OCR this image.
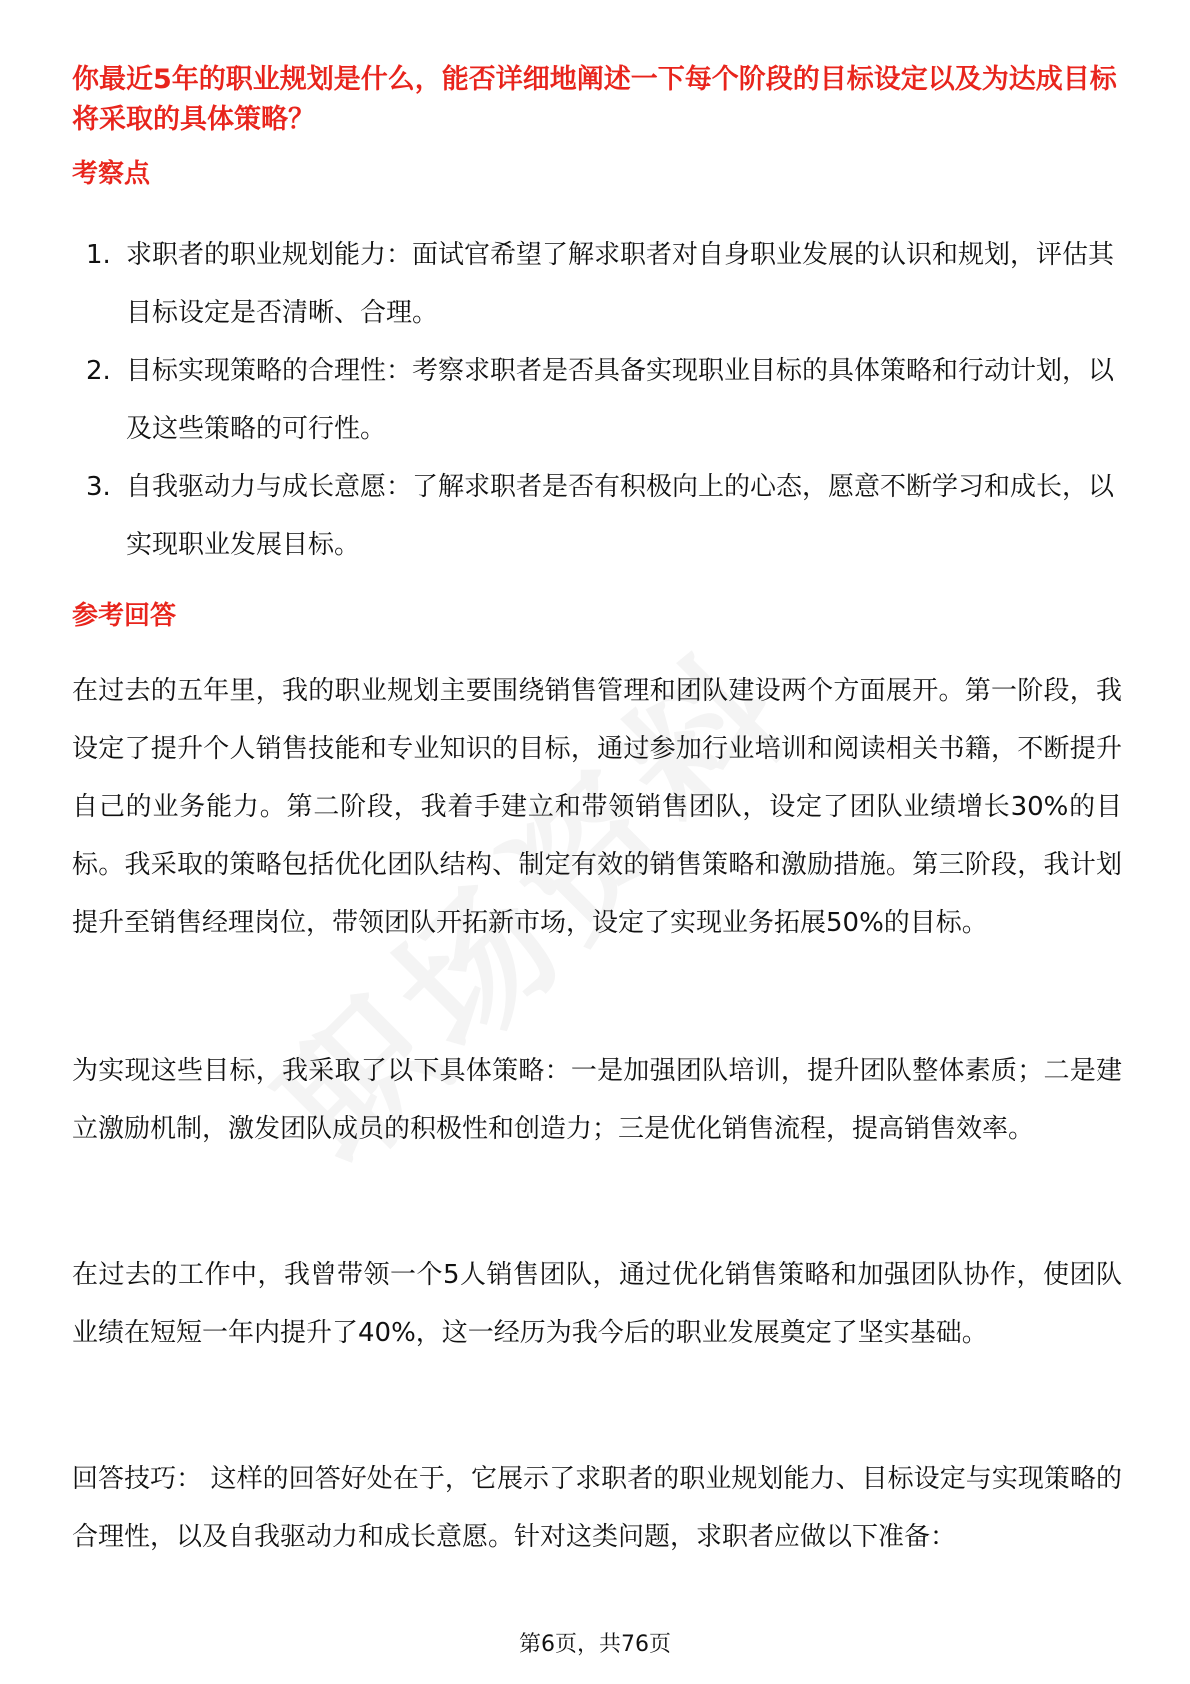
你最近5年的职业规划是什么，能否详细地阐述一下每个阶段的目标设定以及为达成目标将采取的具体策略？
考察点
1. 求职者的职业规划能力：面试官希望了解求职者对自身职业发展的认识和规划，评估其目标设定是否清晰、合理。
2. 目标实现策略的合理性：考察求职者是否具备实现职业目标的具体策略和行动计划，以及这些策略的可行性。
3. 自我驱动力与成长意愿：了解求职者是否有积极向上的心态，愿意不断学习和成长，以实现职业发展目标。
参考回答

在过去的五年里，我的职业规划主要围绕销售管理和团队建设两个方面展开。第一阶段，我设定了提升个人销售技能和专业知识的目标，通过参加行业培训和阅读相关书籍，不断提升自己的业务能力。第二阶段，我着手建立和带领销售团队，设定了团队业绩增长30%的目标。我采取的策略包括优化团队结构、制定有效的销售策略和激励措施。第三阶段，我计划提升至销售经理岗位，带领团队开拓新市场，设定了实现业务拓展50%的目标。

为实现这些目标，我采取了以下具体策略：一是加强团队培训，提升团队整体素质；二是建立激励机制，激发团队成员的积极性和创造力；三是优化销售流程，提高销售效率。

在过去的工作中，我曾带领一个5人销售团队，通过优化销售策略和加强团队协作，使团队业绩在短短一年内提升了40%，这一经历为我今后的职业发展奠定了坚实基础。

回答技巧： 这样的回答好处在于，它展示了求职者的职业规划能力、目标设定与实现策略的合理性，以及自我驱动力和成长意愿。针对这类问题，求职者应做以下准备：

第6页，共76页
